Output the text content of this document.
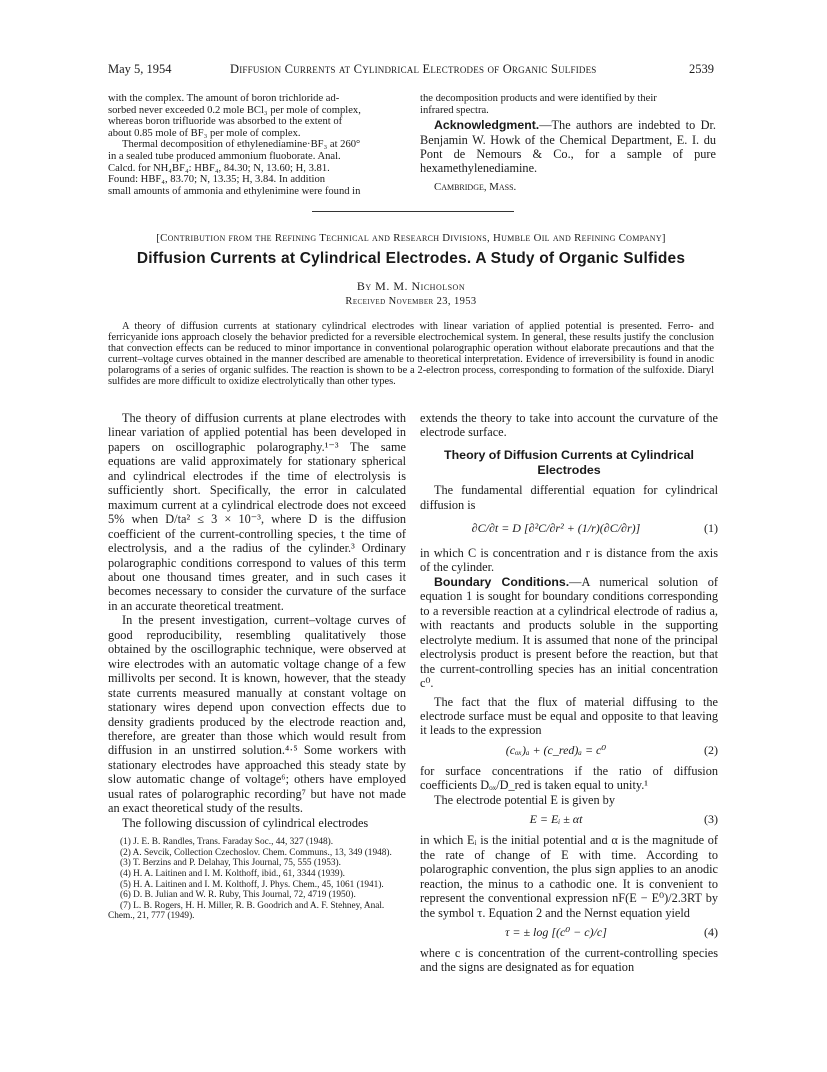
May 5, 1954	Diffusion Currents at Cylindrical Electrodes of Organic Sulfides	2539
with the complex. The amount of boron trichloride ad-
sorbed never exceeded 0.2 mole BCl₃ per mole of complex,
whereas boron trifluoride was absorbed to the extent of
about 0.85 mole of BF₃ per mole of complex.
Thermal decomposition of ethylenediamine·BF₃ at 260°
in a sealed tube produced ammonium fluoborate. Anal.
Calcd. for NH₄BF₄: HBF₄, 84.30; N, 13.60; H, 3.81.
Found: HBF₄, 83.70; N, 13.35; H, 3.84. In addition
small amounts of ammonia and ethylenimine were found in
the decomposition products and were identified by their
infrared spectra.

Acknowledgment.—The authors are indebted to Dr. Benjamin W. Howk of the Chemical Department, E. I. du Pont de Nemours & Co., for a sample of pure hexamethylenediamine.

Cambridge, Mass.
[Contribution from the Refining Technical and Research Divisions, Humble Oil and Refining Company]
Diffusion Currents at Cylindrical Electrodes. A Study of Organic Sulfides
By M. M. Nicholson
Received November 23, 1953

A theory of diffusion currents at stationary cylindrical electrodes with linear variation of applied potential is presented. Ferro- and ferricyanide ions approach closely the behavior predicted for a reversible electrochemical system. In general, these results justify the conclusion that convection effects can be reduced to minor importance in conventional polarographic operation without elaborate precautions and that the current–voltage curves obtained in the manner described are amenable to theoretical interpretation. Evidence of irreversibility is found in anodic polarograms of a series of organic sulfides. The reaction is shown to be a 2-electron process, corresponding to formation of the sulfoxide. Diaryl sulfides are more difficult to oxidize electrolytically than other types.

The theory of diffusion currents at plane electrodes with linear variation of applied potential has been developed in papers on oscillographic polarography.¹⁻³ The same equations are valid approximately for stationary spherical and cylindrical electrodes if the time of electrolysis is sufficiently short. Specifically, the error in calculated maximum current at a cylindrical electrode does not exceed 5% when D/ta² ≤ 3 × 10⁻³, where D is the diffusion coefficient of the current-controlling species, t the time of electrolysis, and a the radius of the cylinder.³ Ordinary polarographic conditions correspond to values of this term about one thousand times greater, and in such cases it becomes necessary to consider the curvature of the surface in an accurate theoretical treatment.

In the present investigation, current–voltage curves of good reproducibility, resembling qualitatively those obtained by the oscillographic technique, were observed at wire electrodes with an automatic voltage change of a few millivolts per second. It is known, however, that the steady state currents measured manually at constant voltage on stationary wires depend upon convection effects due to density gradients produced by the electrode reaction and, therefore, are greater than those which would result from diffusion in an unstirred solution.⁴·⁵ Some workers with stationary electrodes have approached this steady state by slow automatic change of voltage⁶; others have employed usual rates of polarographic recording⁷ but have not made an exact theoretical study of the results.

The following discussion of cylindrical electrodes

(1) J. E. B. Randles, Trans. Faraday Soc., 44, 327 (1948).

(2) A. Sevcik, Collection Czechoslov. Chem. Communs., 13, 349 (1948).

(3) T. Berzins and P. Delahay, This Journal, 75, 555 (1953).

(4) H. A. Laitinen and I. M. Kolthoff, ibid., 61, 3344 (1939).

(5) H. A. Laitinen and I. M. Kolthoff, J. Phys. Chem., 45, 1061 (1941).

(6) D. B. Julian and W. R. Ruby, This Journal, 72, 4719 (1950).

(7) L. B. Rogers, H. H. Miller, R. B. Goodrich and A. F. Stehney, Anal. Chem., 21, 777 (1949).

extends the theory to take into account the curvature of the electrode surface.

Theory of Diffusion Currents at Cylindrical Electrodes

The fundamental differential equation for cylindrical diffusion is

∂C/∂t = D [∂²C/∂r² + (1/r)(∂C/∂r)]	(1)

in which C is concentration and r is distance from the axis of the cylinder.

Boundary Conditions.—A numerical solution of equation 1 is sought for boundary conditions corresponding to a reversible reaction at a cylindrical electrode of radius a, with reactants and products soluble in the supporting electrolyte medium. It is assumed that none of the principal electrolysis product is present before the reaction, but that the current-controlling species has an initial concentration c⁰.

The fact that the flux of material diffusing to the electrode surface must be equal and opposite to that leaving it leads to the expression

(cₒₓ)ₐ + (c_red)ₐ = c⁰	(2)

for surface concentrations if the ratio of diffusion coefficients Dₒₓ/D_red is taken equal to unity.¹

The electrode potential E is given by

E = Eᵢ ± αt	(3)

in which Eᵢ is the initial potential and α is the magnitude of the rate of change of E with time. According to polarographic convention, the plus sign applies to an anodic reaction, the minus to a cathodic one. It is convenient to represent the conventional expression nF(E − E⁰)/2.3RT by the symbol τ. Equation 2 and the Nernst equation yield

τ = ± log [(c⁰ − c)/c]	(4)

where c is concentration of the current-controlling species and the signs are designated as for equation
